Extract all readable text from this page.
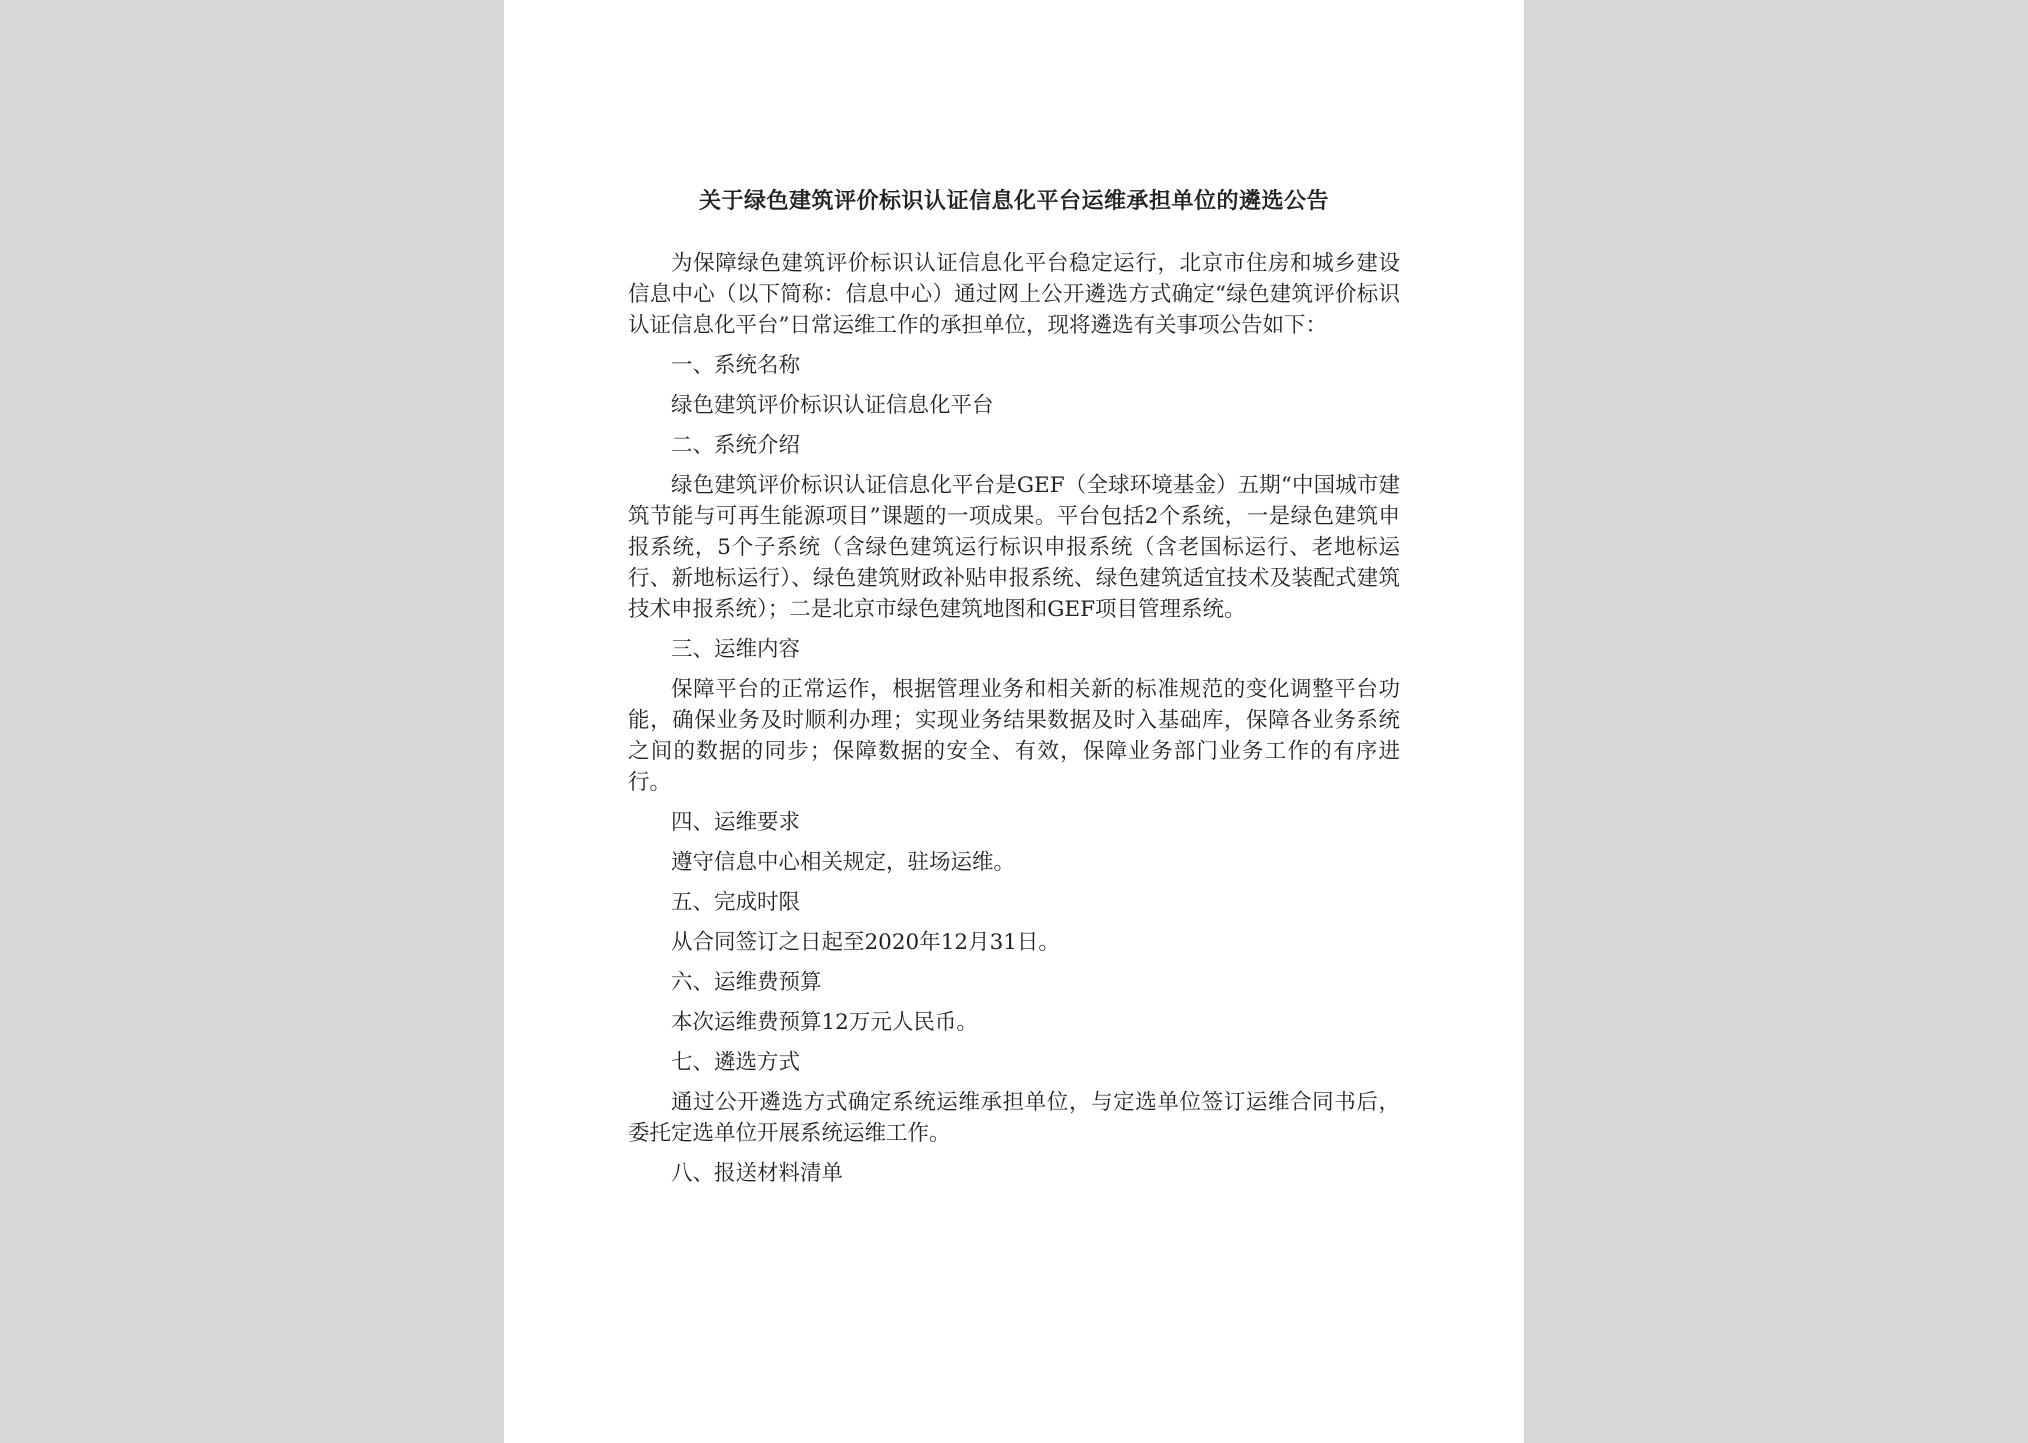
关于绿色建筑评价标识认证信息化平台运维承担单位的遴选公告

为保障绿色建筑评价标识认证信息化平台稳定运行，北京市住房和城乡建设信息中心（以下简称：信息中心）通过网上公开遴选方式确定“绿色建筑评价标识认证信息化平台”日常运维工作的承担单位，现将遴选有关事项公告如下：

一、系统名称

绿色建筑评价标识认证信息化平台

二、系统介绍

绿色建筑评价标识认证信息化平台是GEF（全球环境基金）五期“中国城市建筑节能与可再生能源项目”课题的一项成果。平台包括2个系统，一是绿色建筑申报系统，5个子系统（含绿色建筑运行标识申报系统（含老国标运行、老地标运行、新地标运行）、绿色建筑财政补贴申报系统、绿色建筑适宜技术及装配式建筑技术申报系统）；二是北京市绿色建筑地图和GEF项目管理系统。

三、运维内容

保障平台的正常运作，根据管理业务和相关新的标准规范的变化调整平台功能，确保业务及时顺利办理；实现业务结果数据及时入基础库，保障各业务系统之间的数据的同步；保障数据的安全、有效，保障业务部门业务工作的有序进行。

四、运维要求

遵守信息中心相关规定，驻场运维。

五、完成时限

从合同签订之日起至2020年12月31日。

六、运维费预算

本次运维费预算12万元人民币。

七、遴选方式

通过公开遴选方式确定系统运维承担单位，与定选单位签订运维合同书后，委托定选单位开展系统运维工作。

八、报送材料清单
